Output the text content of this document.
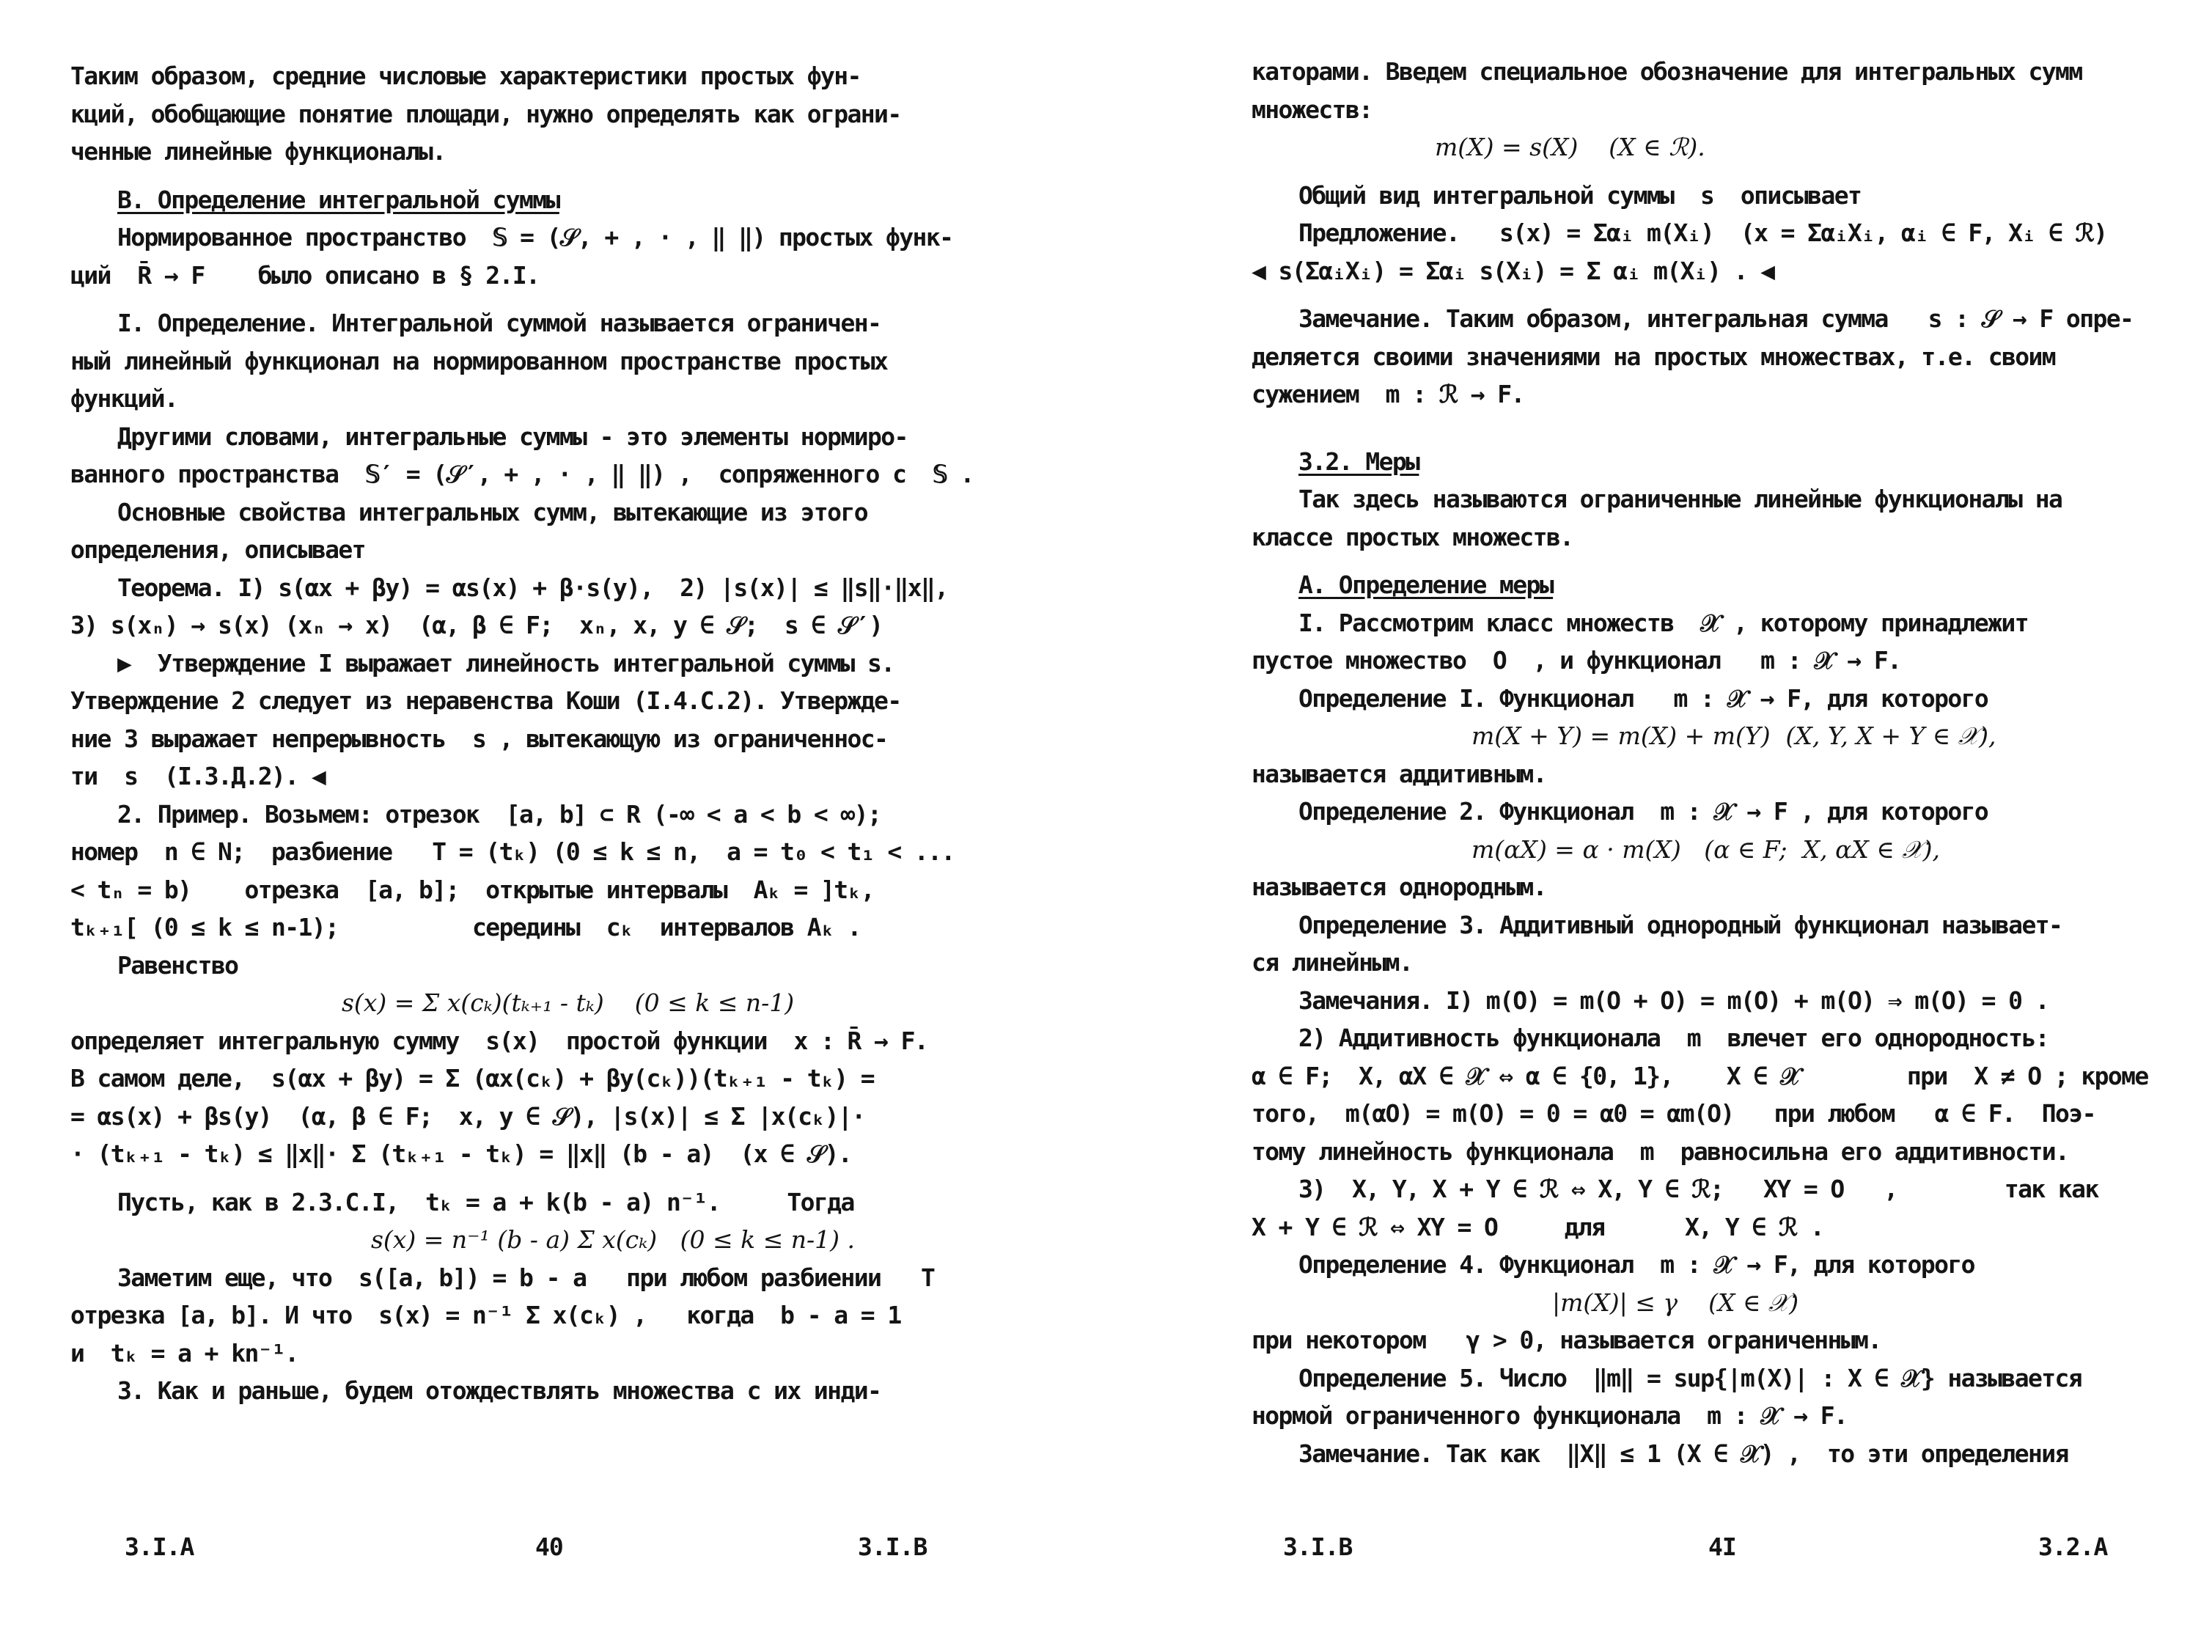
Таким образом, средние числовые характеристики простых фун-
кций, обобщающие понятие площади, нужно определять как ограни-
ченные линейные функционалы.
В. Определение интегральной суммы
Нормированное пространство  𝕊 = (𝒮, + , · , ‖ ‖) простых функ-
ций  R̄ → F    было описано в § 2.I.
I. Определение. Интегральной суммой называется ограничен-
ный линейный функционал на нормированном пространстве простых
функций.
Другими словами, интегральные суммы - это элементы нормиро-
ванного пространства  𝕊′ = (𝒮′, + , · , ‖ ‖) ,  сопряженного с  𝕊 .
Основные свойства интегральных сумм, вытекающие из этого
определения, описывает
Теорема. I) s(αx + βy) = αs(x) + β·s(y),  2) |s(x)| ≤ ‖s‖·‖x‖,
3) s(xₙ) → s(x) (xₙ → x)  (α, β ∈ F;  xₙ, x, y ∈ 𝒮;  s ∈ 𝒮′)
▶  Утверждение I выражает линейность интегральной суммы s.
Утверждение 2 следует из неравенства Коши (I.4.С.2). Утвержде-
ние 3 выражает непрерывность  s , вытекающую из ограниченнос-
ти  s  (I.3.Д.2). ◀
2. Пример. Возьмем: отрезок  [a, b] ⊂ R (-∞ < a < b < ∞);
номер  n ∈ N;  разбиение   T = (tₖ) (0 ≤ k ≤ n,  a = t₀ < t₁ < ...
< tₙ = b)    отрезка  [a, b];  открытые интервалы  Aₖ = ]tₖ,
tₖ₊₁[ (0 ≤ k ≤ n-1);          середины  cₖ  интервалов Aₖ .
Равенство
s(x) = Σ x(cₖ)(tₖ₊₁ - tₖ)    (0 ≤ k ≤ n-1)
определяет интегральную сумму  s(x)  простой функции  x : R̄ → F.
В самом деле,  s(αx + βy) = Σ (αx(cₖ) + βy(cₖ))(tₖ₊₁ - tₖ) =
= αs(x) + βs(y)  (α, β ∈ F;  x, y ∈ 𝒮), |s(x)| ≤ Σ |x(cₖ)|·
· (tₖ₊₁ - tₖ) ≤ ‖x‖· Σ (tₖ₊₁ - tₖ) = ‖x‖ (b - a)  (x ∈ 𝒮).
Пусть, как в 2.3.С.I,  tₖ = a + k(b - a) n⁻¹.     Тогда
s(x) = n⁻¹ (b - a) Σ x(cₖ)   (0 ≤ k ≤ n-1) .
Заметим еще, что  s([a, b]) = b - a   при любом разбиении   T
отрезка [a, b]. И что  s(x) = n⁻¹ Σ x(cₖ) ,   когда  b - a = 1
и  tₖ = a + kn⁻¹.
3. Как и раньше, будем отождествлять множества с их инди-
каторами. Введем специальное обозначение для интегральных сумм
множеств:
m(X) = s(X)    (X ∈ ℛ).
Общий вид интегральной суммы  s  описывает
Предложение.   s(x) = Σαᵢ m(Xᵢ)  (x = ΣαᵢXᵢ, αᵢ ∈ F, Xᵢ ∈ ℛ)
◀ s(ΣαᵢXᵢ) = Σαᵢ s(Xᵢ) = Σ αᵢ m(Xᵢ) . ◀
Замечание. Таким образом, интегральная сумма   s : 𝒮 → F опре-
деляется своими значениями на простых множествах, т.е. своим
сужением  m : ℛ → F.
3.2. Меры
Так здесь называются ограниченные линейные функционалы на
классе простых множеств.
А. Определение меры
I. Рассмотрим класс множеств  𝒳 , которому принадлежит
пустое множество  O  , и функционал   m : 𝒳 → F.
Определение I. Функционал   m : 𝒳 → F, для которого
m(X + Y) = m(X) + m(Y)  (X, Y, X + Y ∈ 𝒳),
называется аддитивным.
Определение 2. Функционал  m : 𝒳 → F , для которого
m(αX) = α · m(X)   (α ∈ F;  X, αX ∈ 𝒳),
называется однородным.
Определение 3. Аддитивный однородный функционал называет-
ся линейным.
Замечания. I) m(O) = m(O + O) = m(O) + m(O) ⇒ m(O) = 0 .
2) Аддитивность функционала  m  влечет его однородность:
α ∈ F;  X, αX ∈ 𝒳 ⇔ α ∈ {0, 1},    X ∈ 𝒳        при  X ≠ O ; кроме
того,  m(αO) = m(O) = 0 = α0 = αm(O)   при любом   α ∈ F.  Поэ-
тому линейность функционала  m  равносильна его аддитивности.
3)  X, Y, X + Y ∈ ℛ ⇔ X, Y ∈ ℛ;   XY = O   ,        так как
X + Y ∈ ℛ ⇔ XY = O     для      X, Y ∈ ℛ .
Определение 4. Функционал  m : 𝒳 → F, для которого
|m(X)| ≤ γ    (X ∈ 𝒳)
при некотором   γ > 0, называется ограниченным.
Определение 5. Число  ‖m‖ = sup{|m(X)| : X ∈ 𝒳} называется
нормой ограниченного функционала  m : 𝒳 → F.
Замечание. Так как  ‖X‖ ≤ 1 (X ∈ 𝒳) ,  то эти определения
3.I.A	40	3.I.B	3.I.B	4I	3.2.A
